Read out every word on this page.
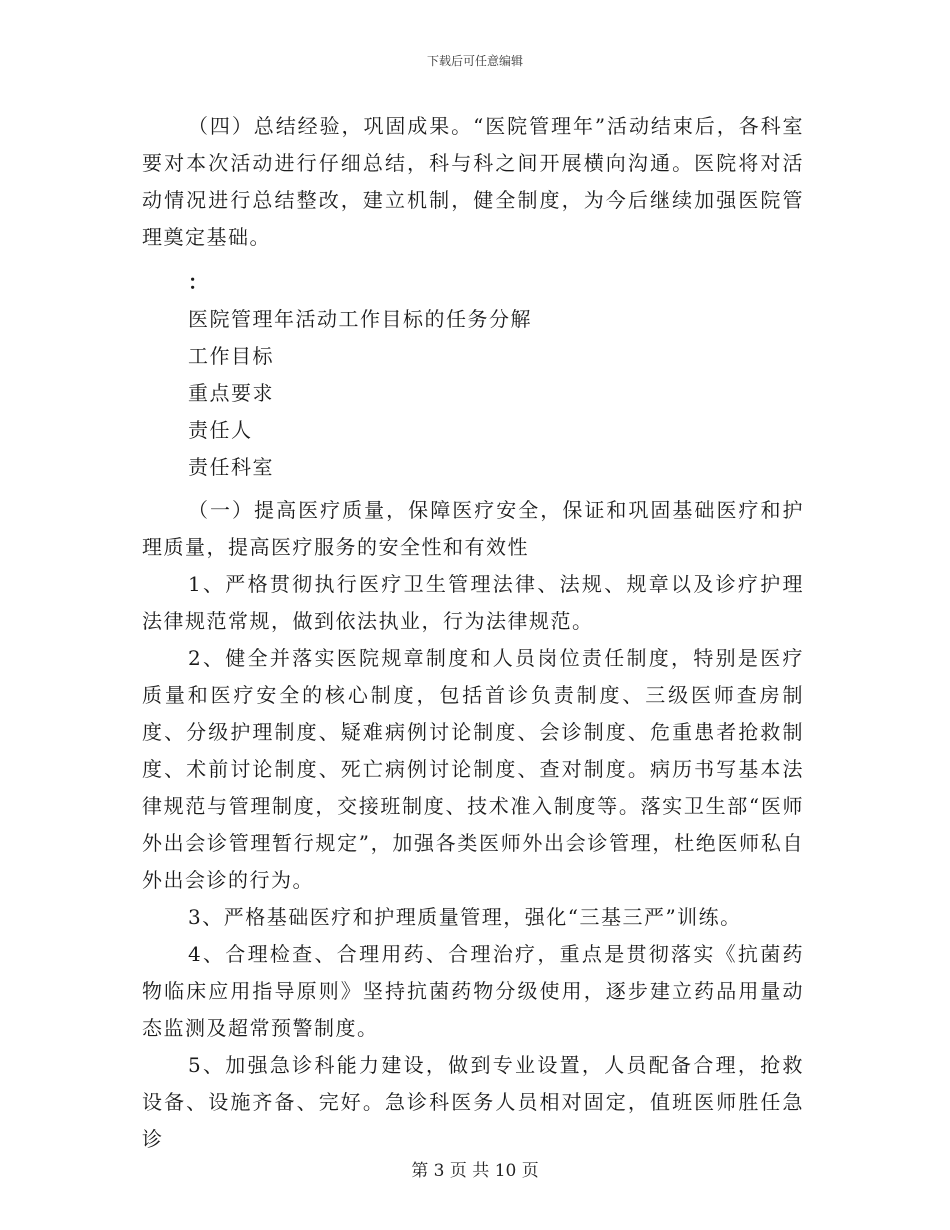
下载后可任意编辑

（四）总结经验，巩固成果。“医院管理年”活动结束后，各科室要对本次活动进行仔细总结，科与科之间开展横向沟通。医院将对活动情况进行总结整改，建立机制，健全制度，为今后继续加强医院管理奠定基础。

：

医院管理年活动工作目标的任务分解

工作目标

重点要求

责任人

责任科室

（一）提高医疗质量，保障医疗安全，保证和巩固基础医疗和护理质量，提高医疗服务的安全性和有效性

1、严格贯彻执行医疗卫生管理法律、法规、规章以及诊疗护理法律规范常规，做到依法执业，行为法律规范。

2、健全并落实医院规章制度和人员岗位责任制度，特别是医疗质量和医疗安全的核心制度，包括首诊负责制度、三级医师查房制度、分级护理制度、疑难病例讨论制度、会诊制度、危重患者抢救制度、术前讨论制度、死亡病例讨论制度、查对制度。病历书写基本法律规范与管理制度，交接班制度、技术准入制度等。落实卫生部“医师外出会诊管理暂行规定”，加强各类医师外出会诊管理，杜绝医师私自外出会诊的行为。

3、严格基础医疗和护理质量管理，强化“三基三严”训练。

4、合理检查、合理用药、合理治疗，重点是贯彻落实《抗菌药物临床应用指导原则》坚持抗菌药物分级使用，逐步建立药品用量动态监测及超常预警制度。

5、加强急诊科能力建设，做到专业设置，人员配备合理，抢救设备、设施齐备、完好。急诊科医务人员相对固定，值班医师胜任急诊

第 3 页 共 10 页
